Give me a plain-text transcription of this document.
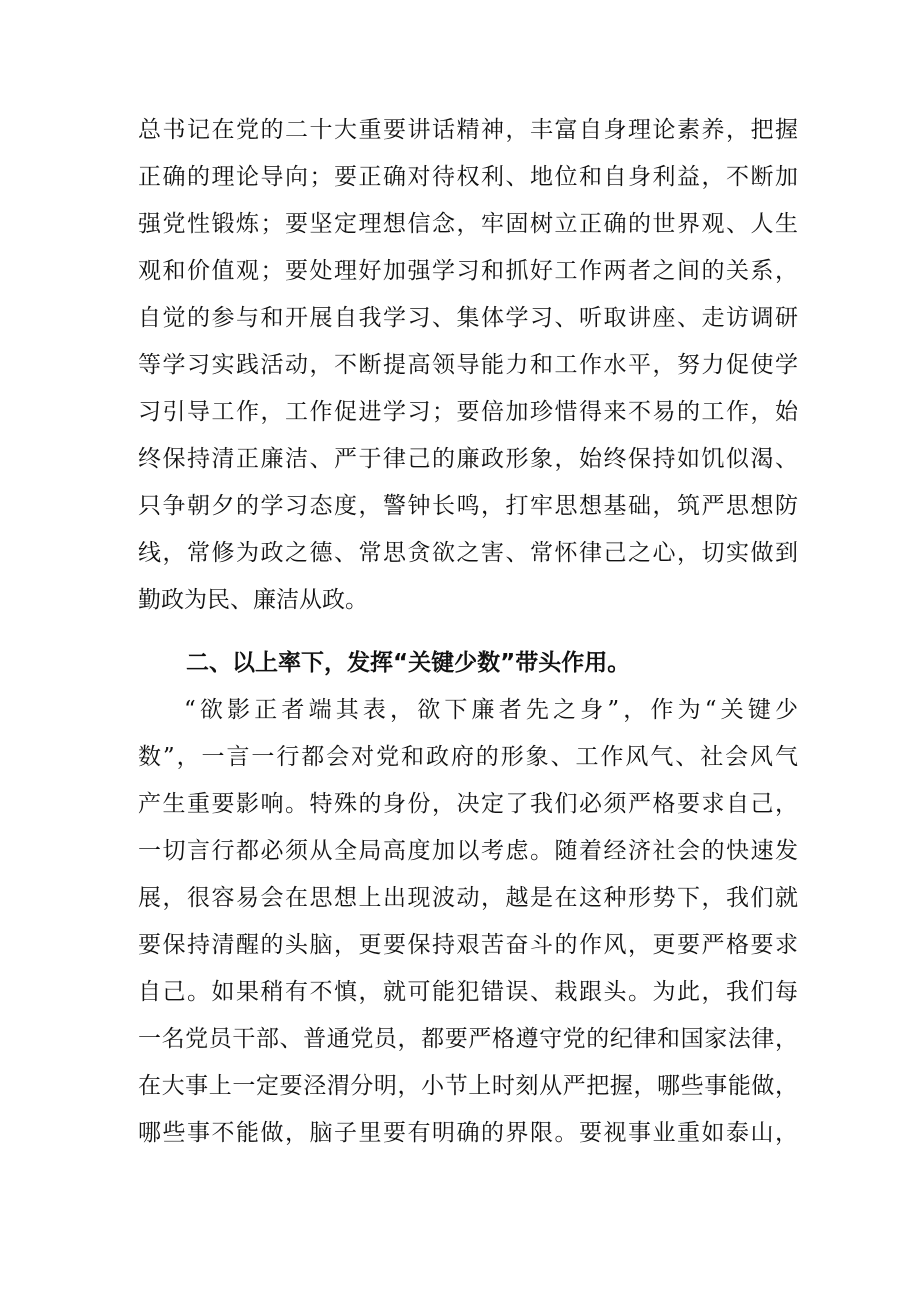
总书记在党的二十大重要讲话精神，丰富自身理论素养，把握
正确的理论导向；要正确对待权利、地位和自身利益，不断加
强党性锻炼；要坚定理想信念，牢固树立正确的世界观、人生
观和价值观；要处理好加强学习和抓好工作两者之间的关系，
自觉的参与和开展自我学习、集体学习、听取讲座、走访调研
等学习实践活动，不断提高领导能力和工作水平，努力促使学
习引导工作，工作促进学习；要倍加珍惜得来不易的工作，始
终保持清正廉洁、严于律己的廉政形象，始终保持如饥似渴、
只争朝夕的学习态度，警钟长鸣，打牢思想基础，筑严思想防
线，常修为政之德、常思贪欲之害、常怀律己之心，切实做到
勤政为民、廉洁从政。
二、以上率下，发挥“关键少数”带头作用。
“欲影正者端其表，欲下廉者先之身”，作为“关键少
数”，一言一行都会对党和政府的形象、工作风气、社会风气
产生重要影响。特殊的身份，决定了我们必须严格要求自己，
一切言行都必须从全局高度加以考虑。随着经济社会的快速发
展，很容易会在思想上出现波动，越是在这种形势下，我们就
要保持清醒的头脑，更要保持艰苦奋斗的作风，更要严格要求
自己。如果稍有不慎，就可能犯错误、栽跟头。为此，我们每
一名党员干部、普通党员，都要严格遵守党的纪律和国家法律，
在大事上一定要泾渭分明，小节上时刻从严把握，哪些事能做，
哪些事不能做，脑子里要有明确的界限。要视事业重如泰山，
